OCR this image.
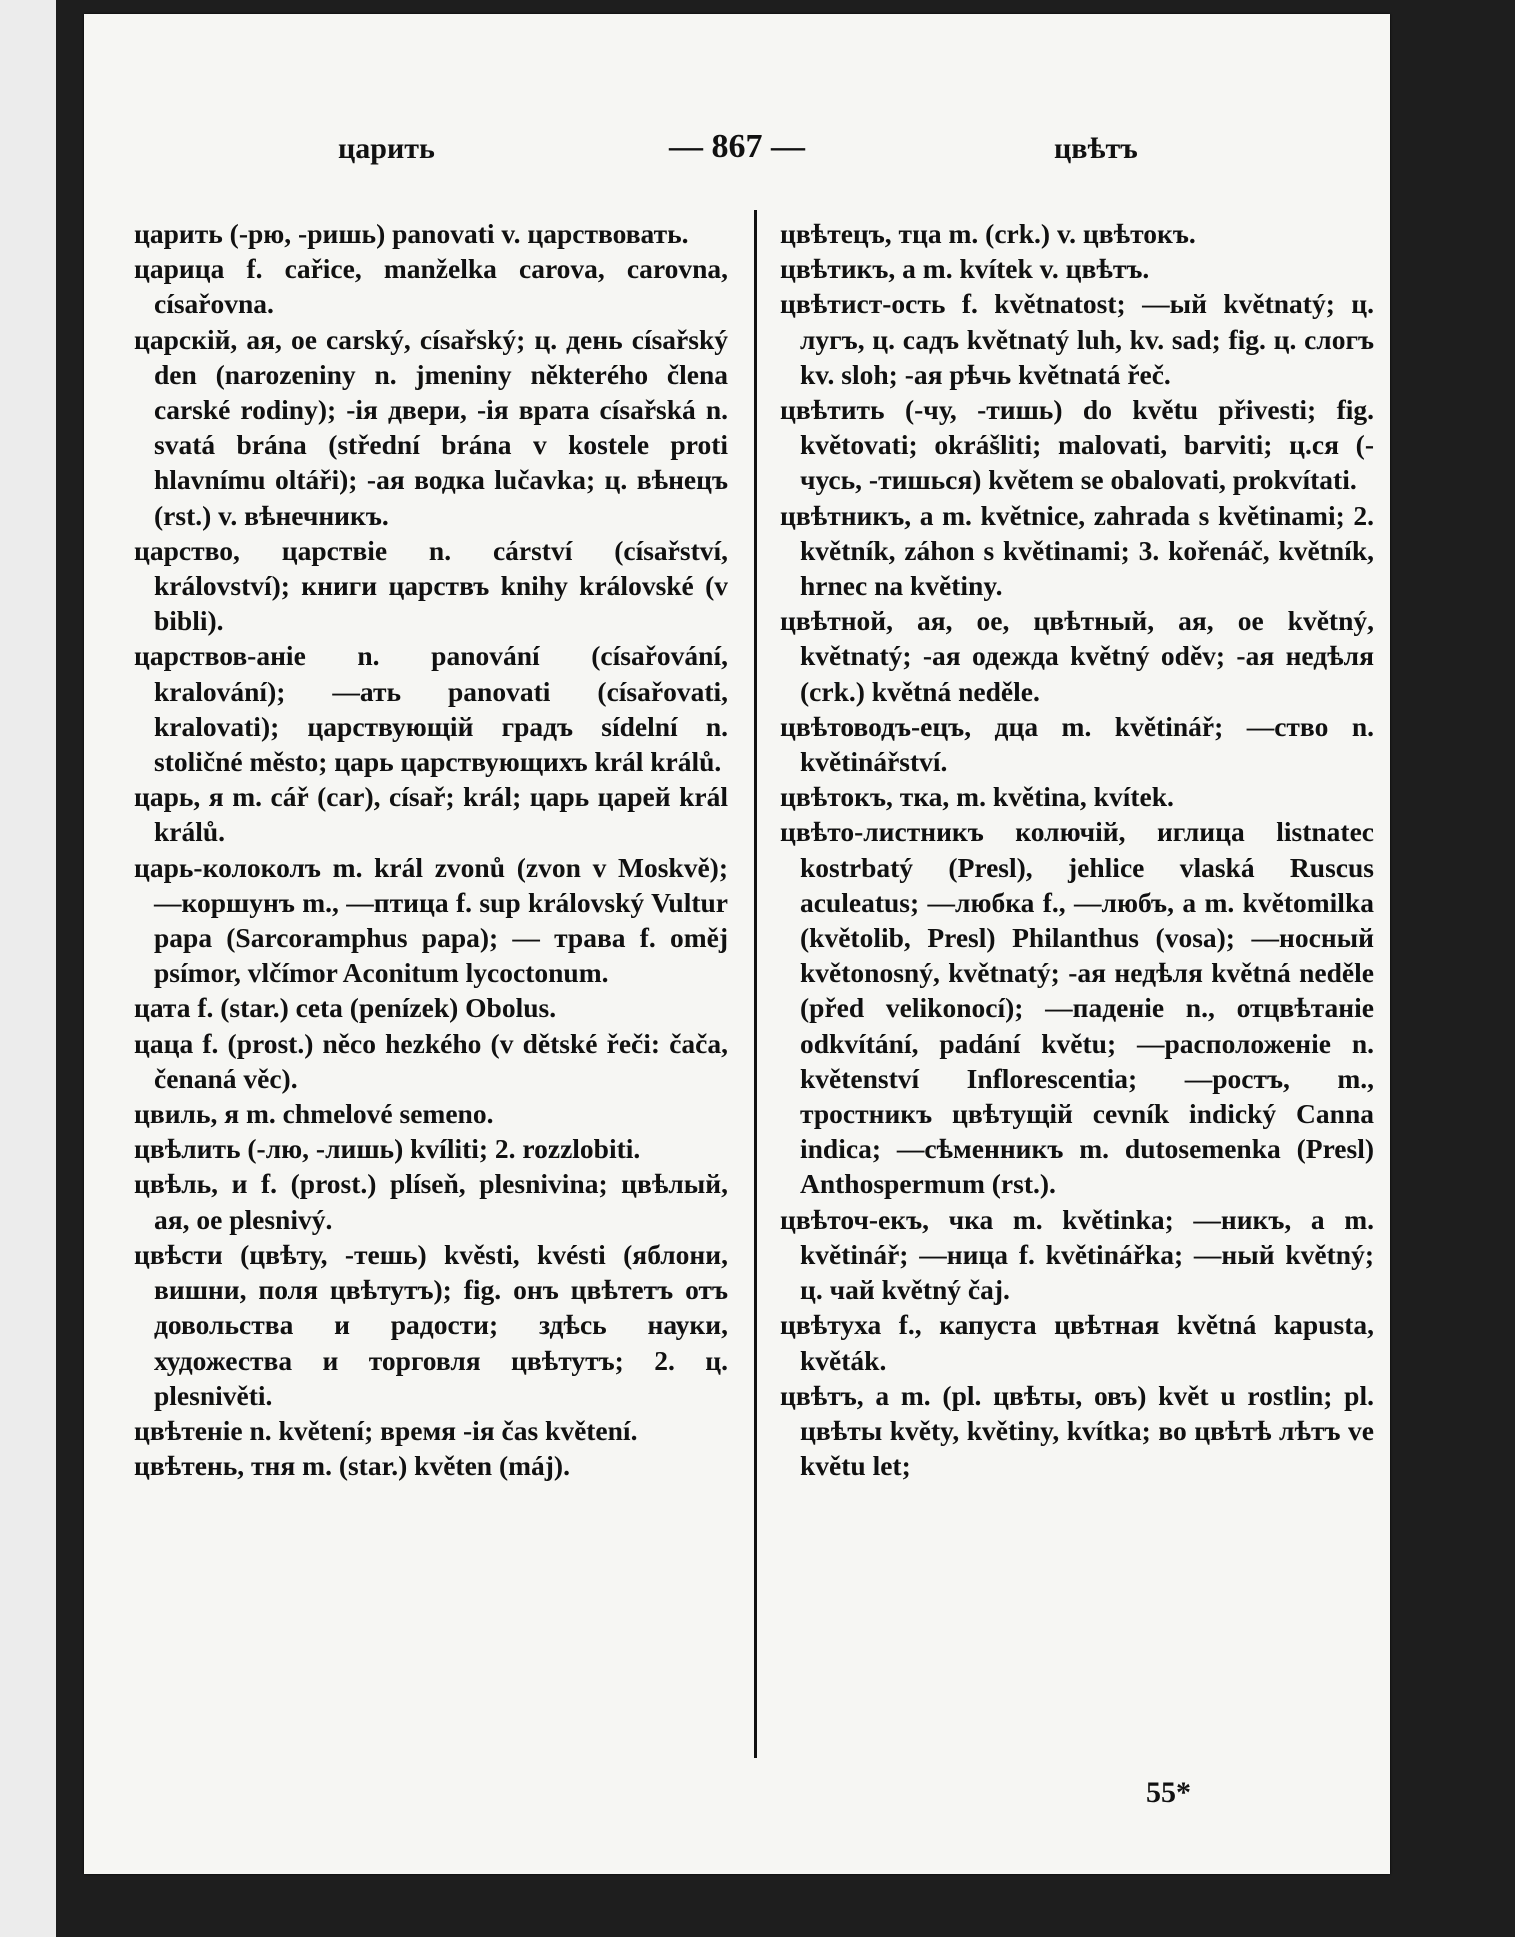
царить	— 867 —	цвѣтъ

царить (-рю, -ришь) panovati v. царствовать.

царица f. cařice, manželka carova, carovna, císařovna.

царскій, ая, ое carský, císařský; ц. день císařský den (narozeniny n. jmeniny některého člena carské rodiny); -ія двери, -ія врата císařská n. svatá brána (střední brána v kostele proti hlavnímu oltáři); -ая водка lučavka; ц. вѣнецъ (rst.) v. вѣнечникъ.

царство, царствіе n. cárství (císařství, království); книги царствъ knihy královské (v bibli).

царствов-аніе n. panování (císařování, kralování); —ать panovati (císařovati, kralovati); царствующій градъ sídelní n. stoličné město; царь царствующихъ král králů.

царь, я m. cář (car), císař; král; царь царей král králů.

царь-колоколъ m. král zvonů (zvon v Moskvě); —коршунъ m., —птица f. sup královský Vultur papa (Sarcoramphus papa); — трава f. oměj psímor, vlčímor Aconitum lycoctonum.

цата f. (star.) ceta (penízek) Obolus.

цаца f. (prost.) něco hezkého (v dětské řeči: čača, čenaná věc).

цвиль, я m. chmelové semeno.

цвѣлить (-лю, -лишь) kvíliti; 2. rozzlobiti.

цвѣль, и f. (prost.) plíseň, plesnivina; цвѣлый, ая, ое plesnivý.

цвѣсти (цвѣту, -тешь) kvěsti, kvésti (яблони, вишни, поля цвѣтутъ); fig. онъ цвѣтетъ отъ довольства и радости; здѣсь науки, художества и торговля цвѣтутъ; 2. ц. plesnivěti.

цвѣтеніе n. květení; время -ія čas květení.

цвѣтень, тня m. (star.) květen (máj).

цвѣтецъ, тца m. (crk.) v. цвѣтокъ.

цвѣтикъ, а m. kvítek v. цвѣтъ.

цвѣтист-ость f. květnatost; —ый květnatý; ц. лугъ, ц. садъ květnatý luh, kv. sad; fig. ц. слогъ kv. sloh; -ая рѣчь květnatá řeč.

цвѣтить (-чу, -тишь) do květu přivesti; fig. květovati; okrášliti; malovati, barviti; ц.ся (-чусь, -тишься) květem se obalovati, prokvítati.

цвѣтникъ, а m. květnice, zahrada s květinami; 2. květník, záhon s květinami; 3. kořenáč, květník, hrnec na květiny.

цвѣтной, ая, ое, цвѣтный, ая, ое květný, květnatý; -ая одежда květný oděv; -ая недѣля (crk.) květná neděle.

цвѣтоводъ-ецъ, дца m. květinář; —ство n. květinářství.

цвѣтокъ, тка, m. květina, kvítek.

цвѣто-листникъ колючій, иглица listnatec kostrbatý (Presl), jehlice vlaská Ruscus aculeatus; —любка f., —любъ, а m. květomilka (květolib, Presl) Philanthus (vosa); —носный květonosný, květnatý; -ая недѣля květná neděle (před velikonocí); —паденіе n., отцвѣтаніе odkvítání, padání květu; —расположеніе n. květenství Inflorescentia; —ростъ, m., тростникъ цвѣтущій cevník indický Canna indica; —сѣменникъ m. dutosemenka (Presl) Anthospermum (rst.).

цвѣточ-екъ, чка m. květinka; —никъ, а m. květinář; —ница f. květinářka; —ный květný; ц. чай květný čaj.

цвѣтуха f., капуста цвѣтная květná kapusta, květák.

цвѣтъ, а m. (pl. цвѣты, овъ) květ u rostlin; pl. цвѣты květy, květiny, kvítka; во цвѣтѣ лѣтъ ve květu let;

55*
